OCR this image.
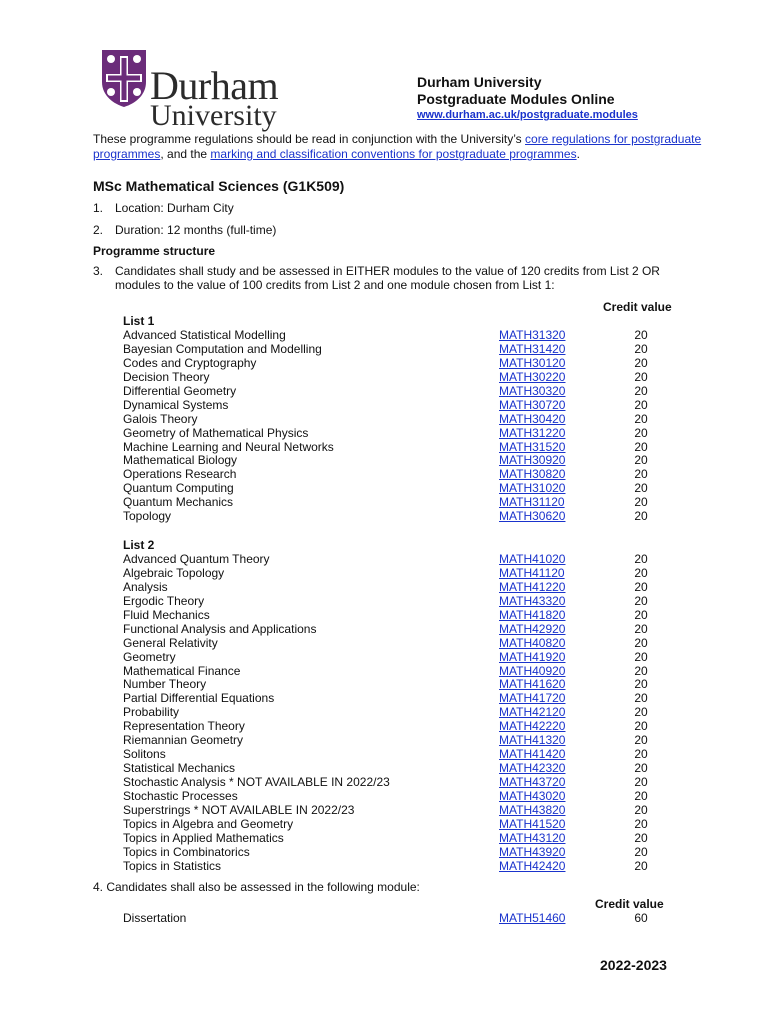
Durham
University
Durham University
Postgraduate Modules Online
www.durham.ac.uk/postgraduate.modules
These programme regulations should be read in conjunction with the University’s core regulations for postgraduate programmes, and the marking and classification conventions for postgraduate programmes.
MSc Mathematical Sciences (G1K509)
1. Location: Durham City
2. Duration: 12 months (full-time)
Programme structure
3. Candidates shall study and be assessed in EITHER modules to the value of 120 credits from List 2 OR modules to the value of 100 credits from List 2 and one module chosen from List 1:
Credit value
List 1
Advanced Statistical Modelling	MATH31320	20
Bayesian Computation and Modelling	MATH31420	20
Codes and Cryptography	MATH30120	20
Decision Theory	MATH30220	20
Differential Geometry	MATH30320	20
Dynamical Systems	MATH30720	20
Galois Theory	MATH30420	20
Geometry of Mathematical Physics	MATH31220	20
Machine Learning and Neural Networks	MATH31520	20
Mathematical Biology	MATH30920	20
Operations Research	MATH30820	20
Quantum Computing	MATH31020	20
Quantum Mechanics	MATH31120	20
Topology	MATH30620	20
List 2
Advanced Quantum Theory	MATH41020	20
Algebraic Topology	MATH41120	20
Analysis	MATH41220	20
Ergodic Theory	MATH43320	20
Fluid Mechanics	MATH41820	20
Functional Analysis and Applications	MATH42920	20
General Relativity	MATH40820	20
Geometry	MATH41920	20
Mathematical Finance	MATH40920	20
Number Theory	MATH41620	20
Partial Differential Equations	MATH41720	20
Probability	MATH42120	20
Representation Theory	MATH42220	20
Riemannian Geometry	MATH41320	20
Solitons	MATH41420	20
Statistical Mechanics	MATH42320	20
Stochastic Analysis * NOT AVAILABLE IN 2022/23	MATH43720	20
Stochastic Processes	MATH43020	20
Superstrings * NOT AVAILABLE IN 2022/23	MATH43820	20
Topics in Algebra and Geometry	MATH41520	20
Topics in Applied Mathematics	MATH43120	20
Topics in Combinatorics	MATH43920	20
Topics in Statistics	MATH42420	20
4. Candidates shall also be assessed in the following module:
Credit value
Dissertation	MATH51460	60
2022-2023
